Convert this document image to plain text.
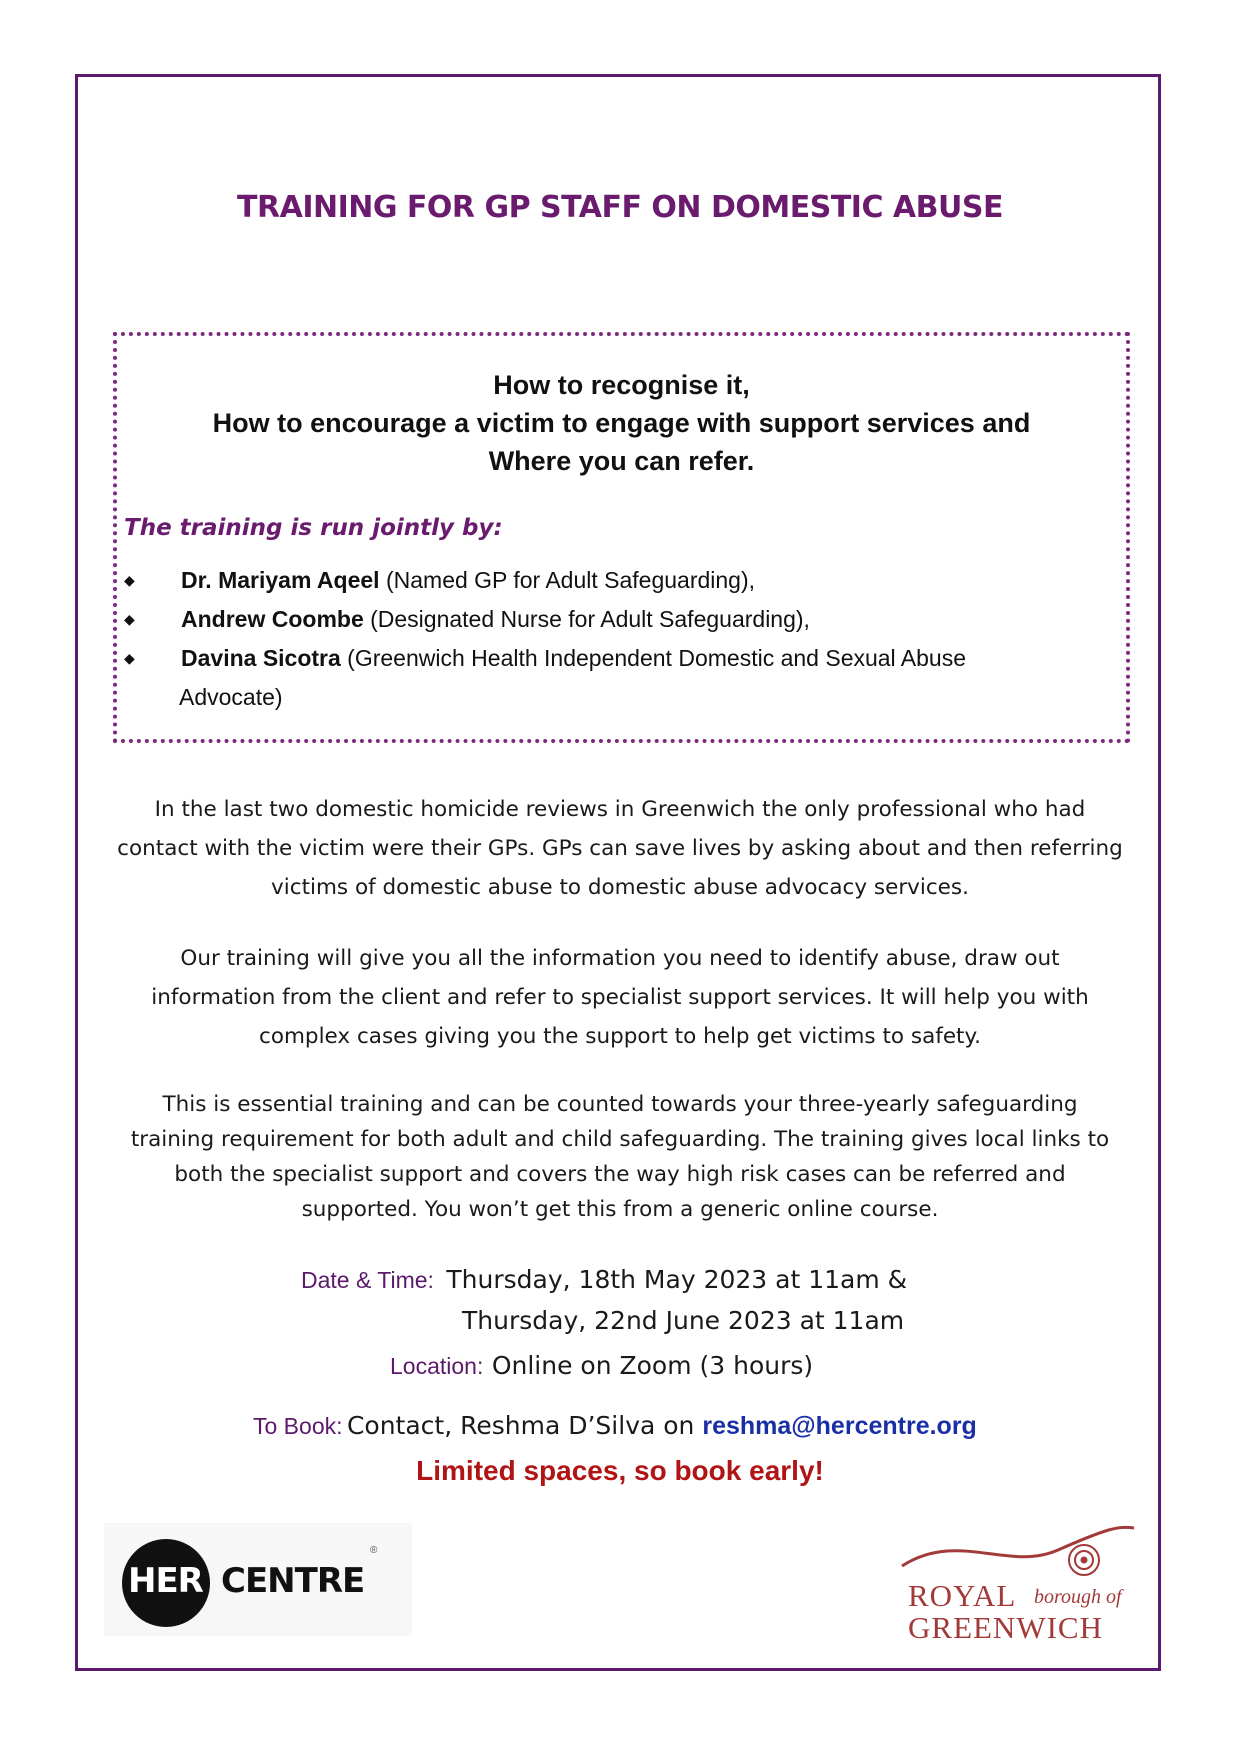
TRAINING FOR GP STAFF ON DOMESTIC ABUSE
How to recognise it,
How to encourage a victim to engage with support services and
Where you can refer.
The training is run jointly by:
◆ Dr. Mariyam Aqeel (Named GP for Adult Safeguarding),
◆ Andrew Coombe (Designated Nurse for Adult Safeguarding),
◆ Davina Sicotra (Greenwich Health Independent Domestic and Sexual Abuse
Advocate)
In the last two domestic homicide reviews in Greenwich the only professional who had
contact with the victim were their GPs. GPs can save lives by asking about and then referring
victims of domestic abuse to domestic abuse advocacy services.
Our training will give you all the information you need to identify abuse, draw out
information from the client and refer to specialist support services. It will help you with
complex cases giving you the support to help get victims to safety.
This is essential training and can be counted towards your three-yearly safeguarding
training requirement for both adult and child safeguarding. The training gives local links to
both the specialist support and covers the way high risk cases can be referred and
supported. You won’t get this from a generic online course.
Date & Time: Thursday, 18th May 2023 at 11am &
Thursday, 22nd June 2023 at 11am
Location: Online on Zoom (3 hours)
To Book: Contact, Reshma D’Silva on reshma@hercentre.org
Limited spaces, so book early!
HER CENTRE
®
ROYAL borough of
GREENWICH
